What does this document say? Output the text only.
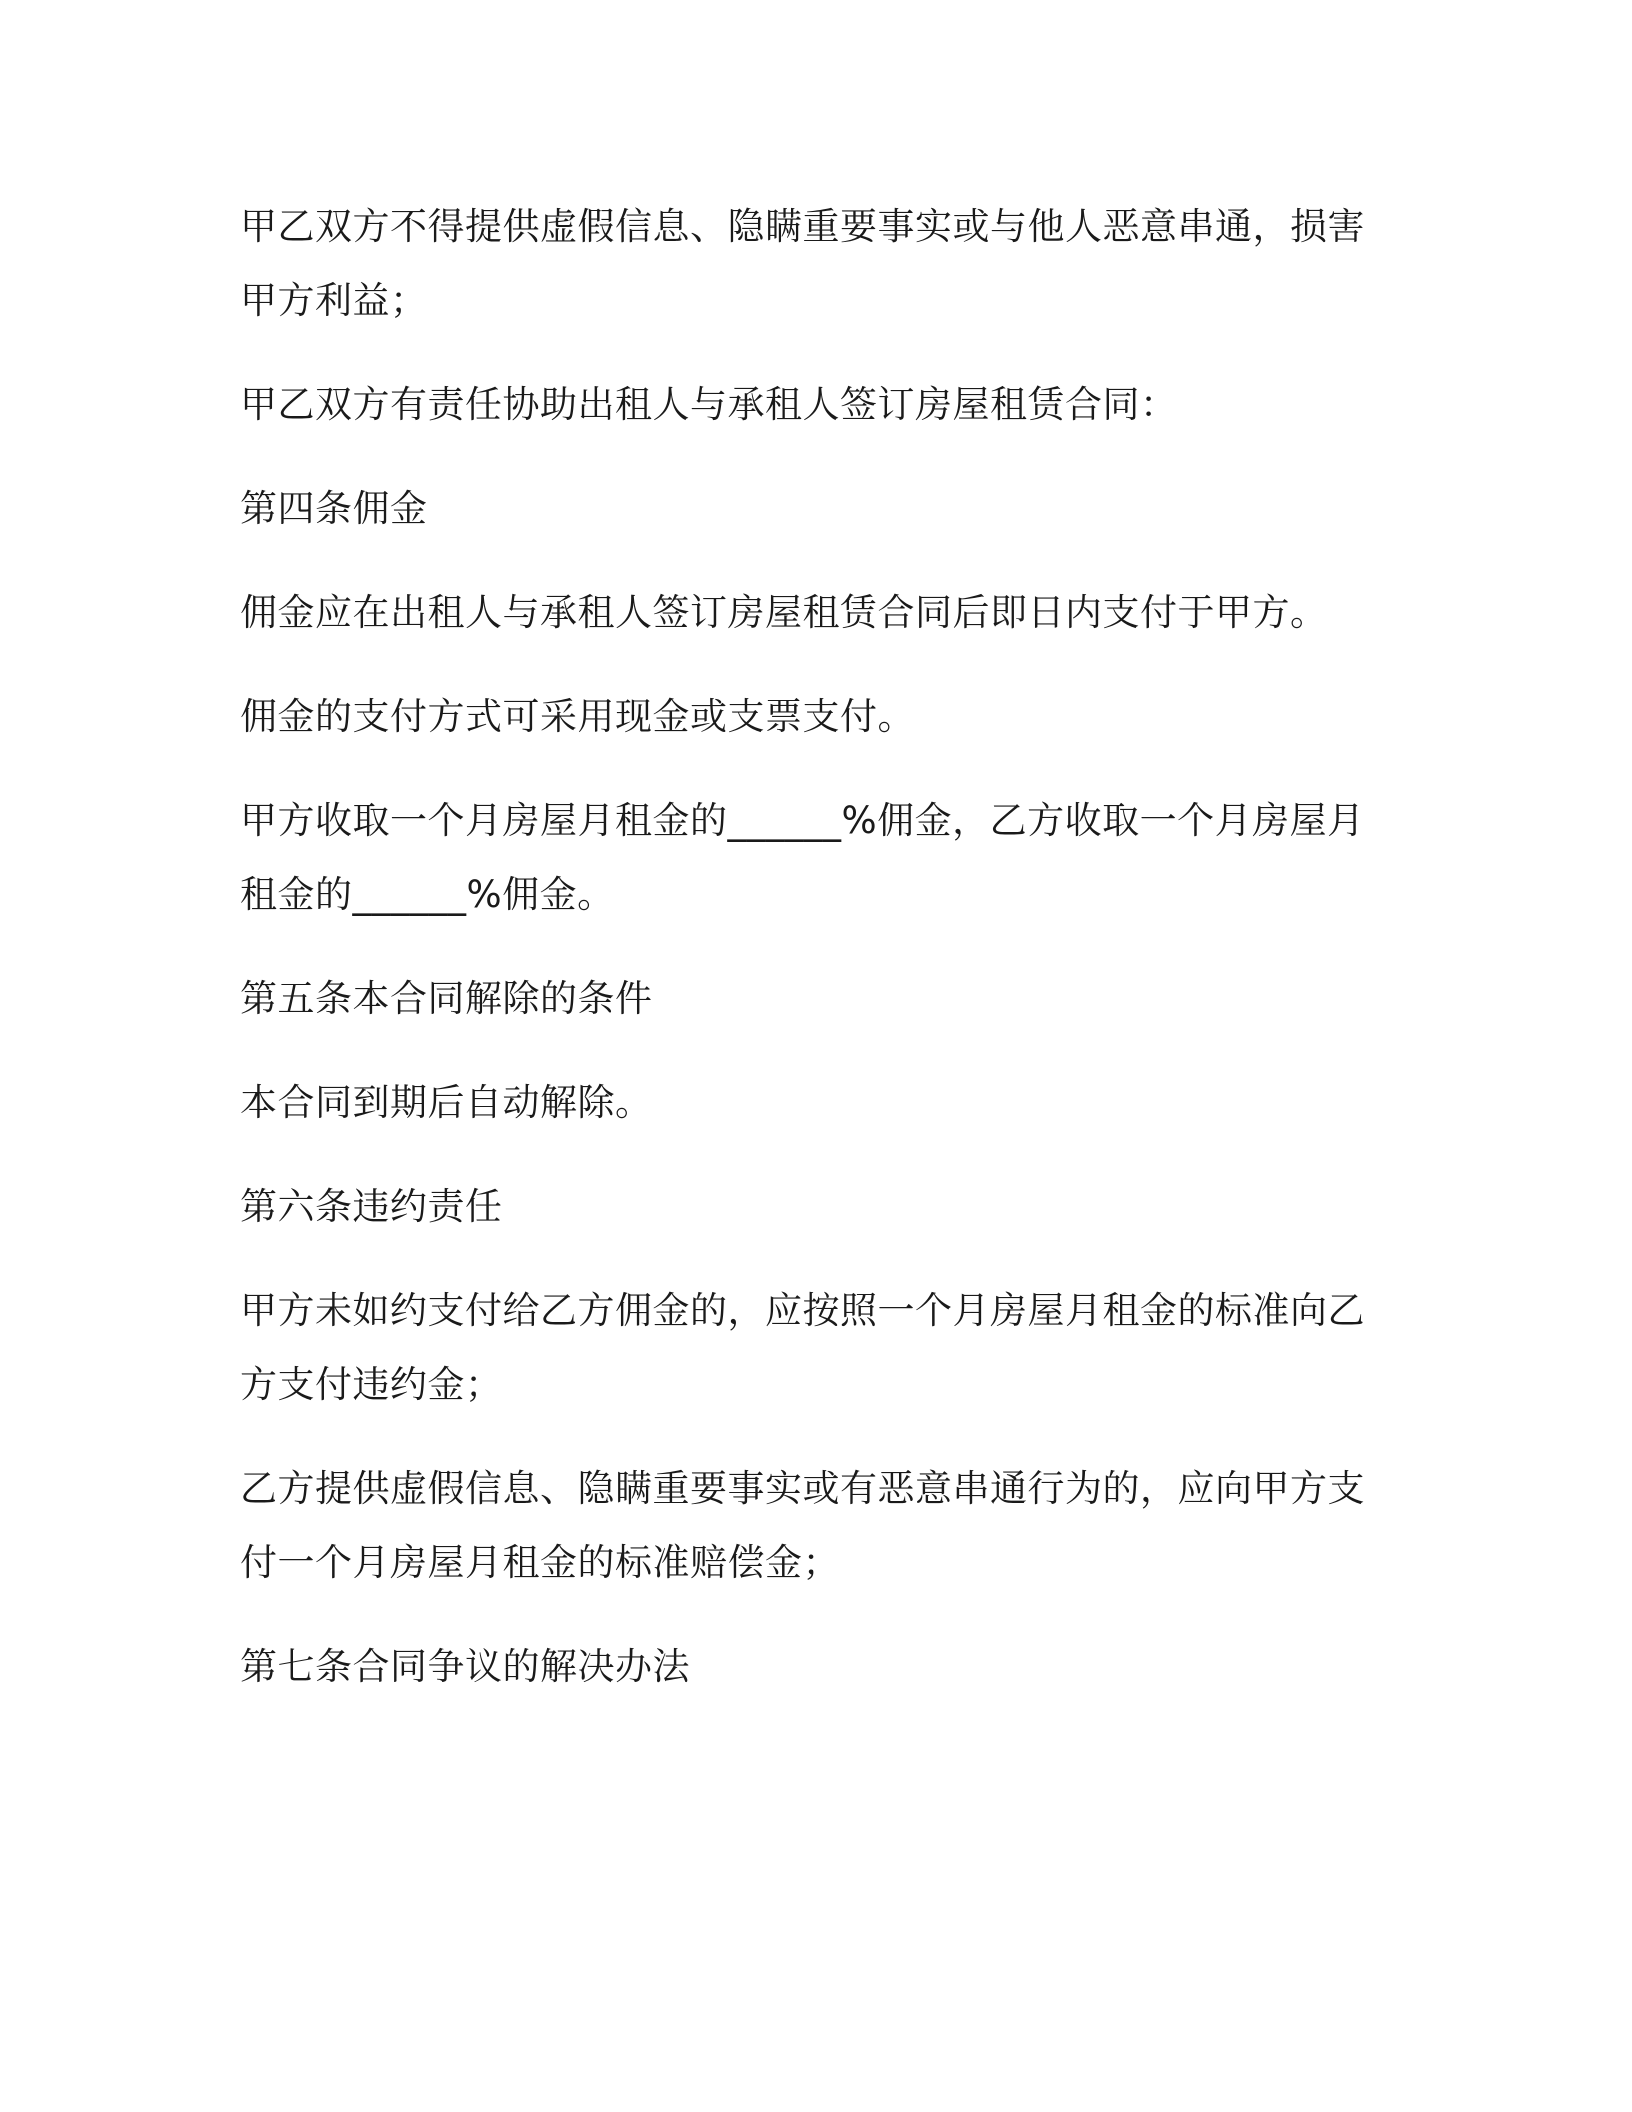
甲乙双方不得提供虚假信息、隐瞒重要事实或与他人恶意串通，损害甲方利益；

甲乙双方有责任协助出租人与承租人签订房屋租赁合同：

第四条佣金

佣金应在出租人与承租人签订房屋租赁合同后即日内支付于甲方。

佣金的支付方式可采用现金或支票支付。

甲方收取一个月房屋月租金的______%佣金，乙方收取一个月房屋月租金的______%佣金。

第五条本合同解除的条件

本合同到期后自动解除。

第六条违约责任

甲方未如约支付给乙方佣金的，应按照一个月房屋月租金的标准向乙方支付违约金；

乙方提供虚假信息、隐瞒重要事实或有恶意串通行为的，应向甲方支付一个月房屋月租金的标准赔偿金；

第七条合同争议的解决办法
